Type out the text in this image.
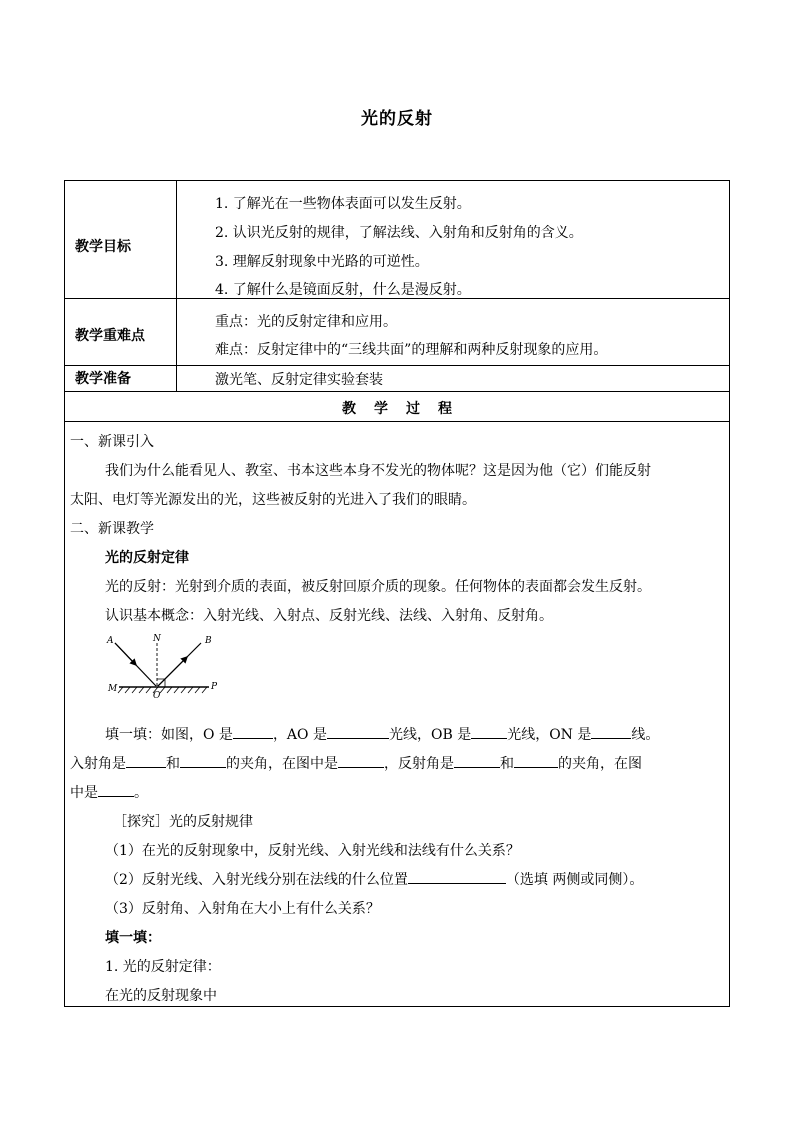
光的反射
教学目标
1. 了解光在一些物体表面可以发生反射。
2. 认识光反射的规律，了解法线、入射角和反射角的含义。
3. 理解反射现象中光路的可逆性。
4. 了解什么是镜面反射，什么是漫反射。
教学重难点
重点：光的反射定律和应用。
难点：反射定律中的“三线共面”的理解和两种反射现象的应用。
教学准备	激光笔、反射定律实验套装
教学过程
一、新课引入
我们为什么能看见人、教室、书本这些本身不发光的物体呢？这是因为他（它）们能反射
太阳、电灯等光源发出的光，这些被反射的光进入了我们的眼睛。
二、新课教学
光的反射定律
光的反射：光射到介质的表面，被反射回原介质的现象。任何物体的表面都会发生反射。
认识基本概念：入射光线、入射点、反射光线、法线、入射角、反射角。
A	N	B
M
O
P
填一填：如图，O 是	，AO 是	光线，OB 是	光线，ON 是	线。
入射角是	和	的夹角，在图中是	，反射角是	和	的夹角，在图
中是	。
［探究］光的反射规律
（1）在光的反射现象中，反射光线、入射光线和法线有什么关系？
（2）反射光线、入射光线分别在法线的什么位置	（选填 两侧或同侧）。
（3）反射角、入射角在大小上有什么关系？
填一填：
1. 光的反射定律：
在光的反射现象中
